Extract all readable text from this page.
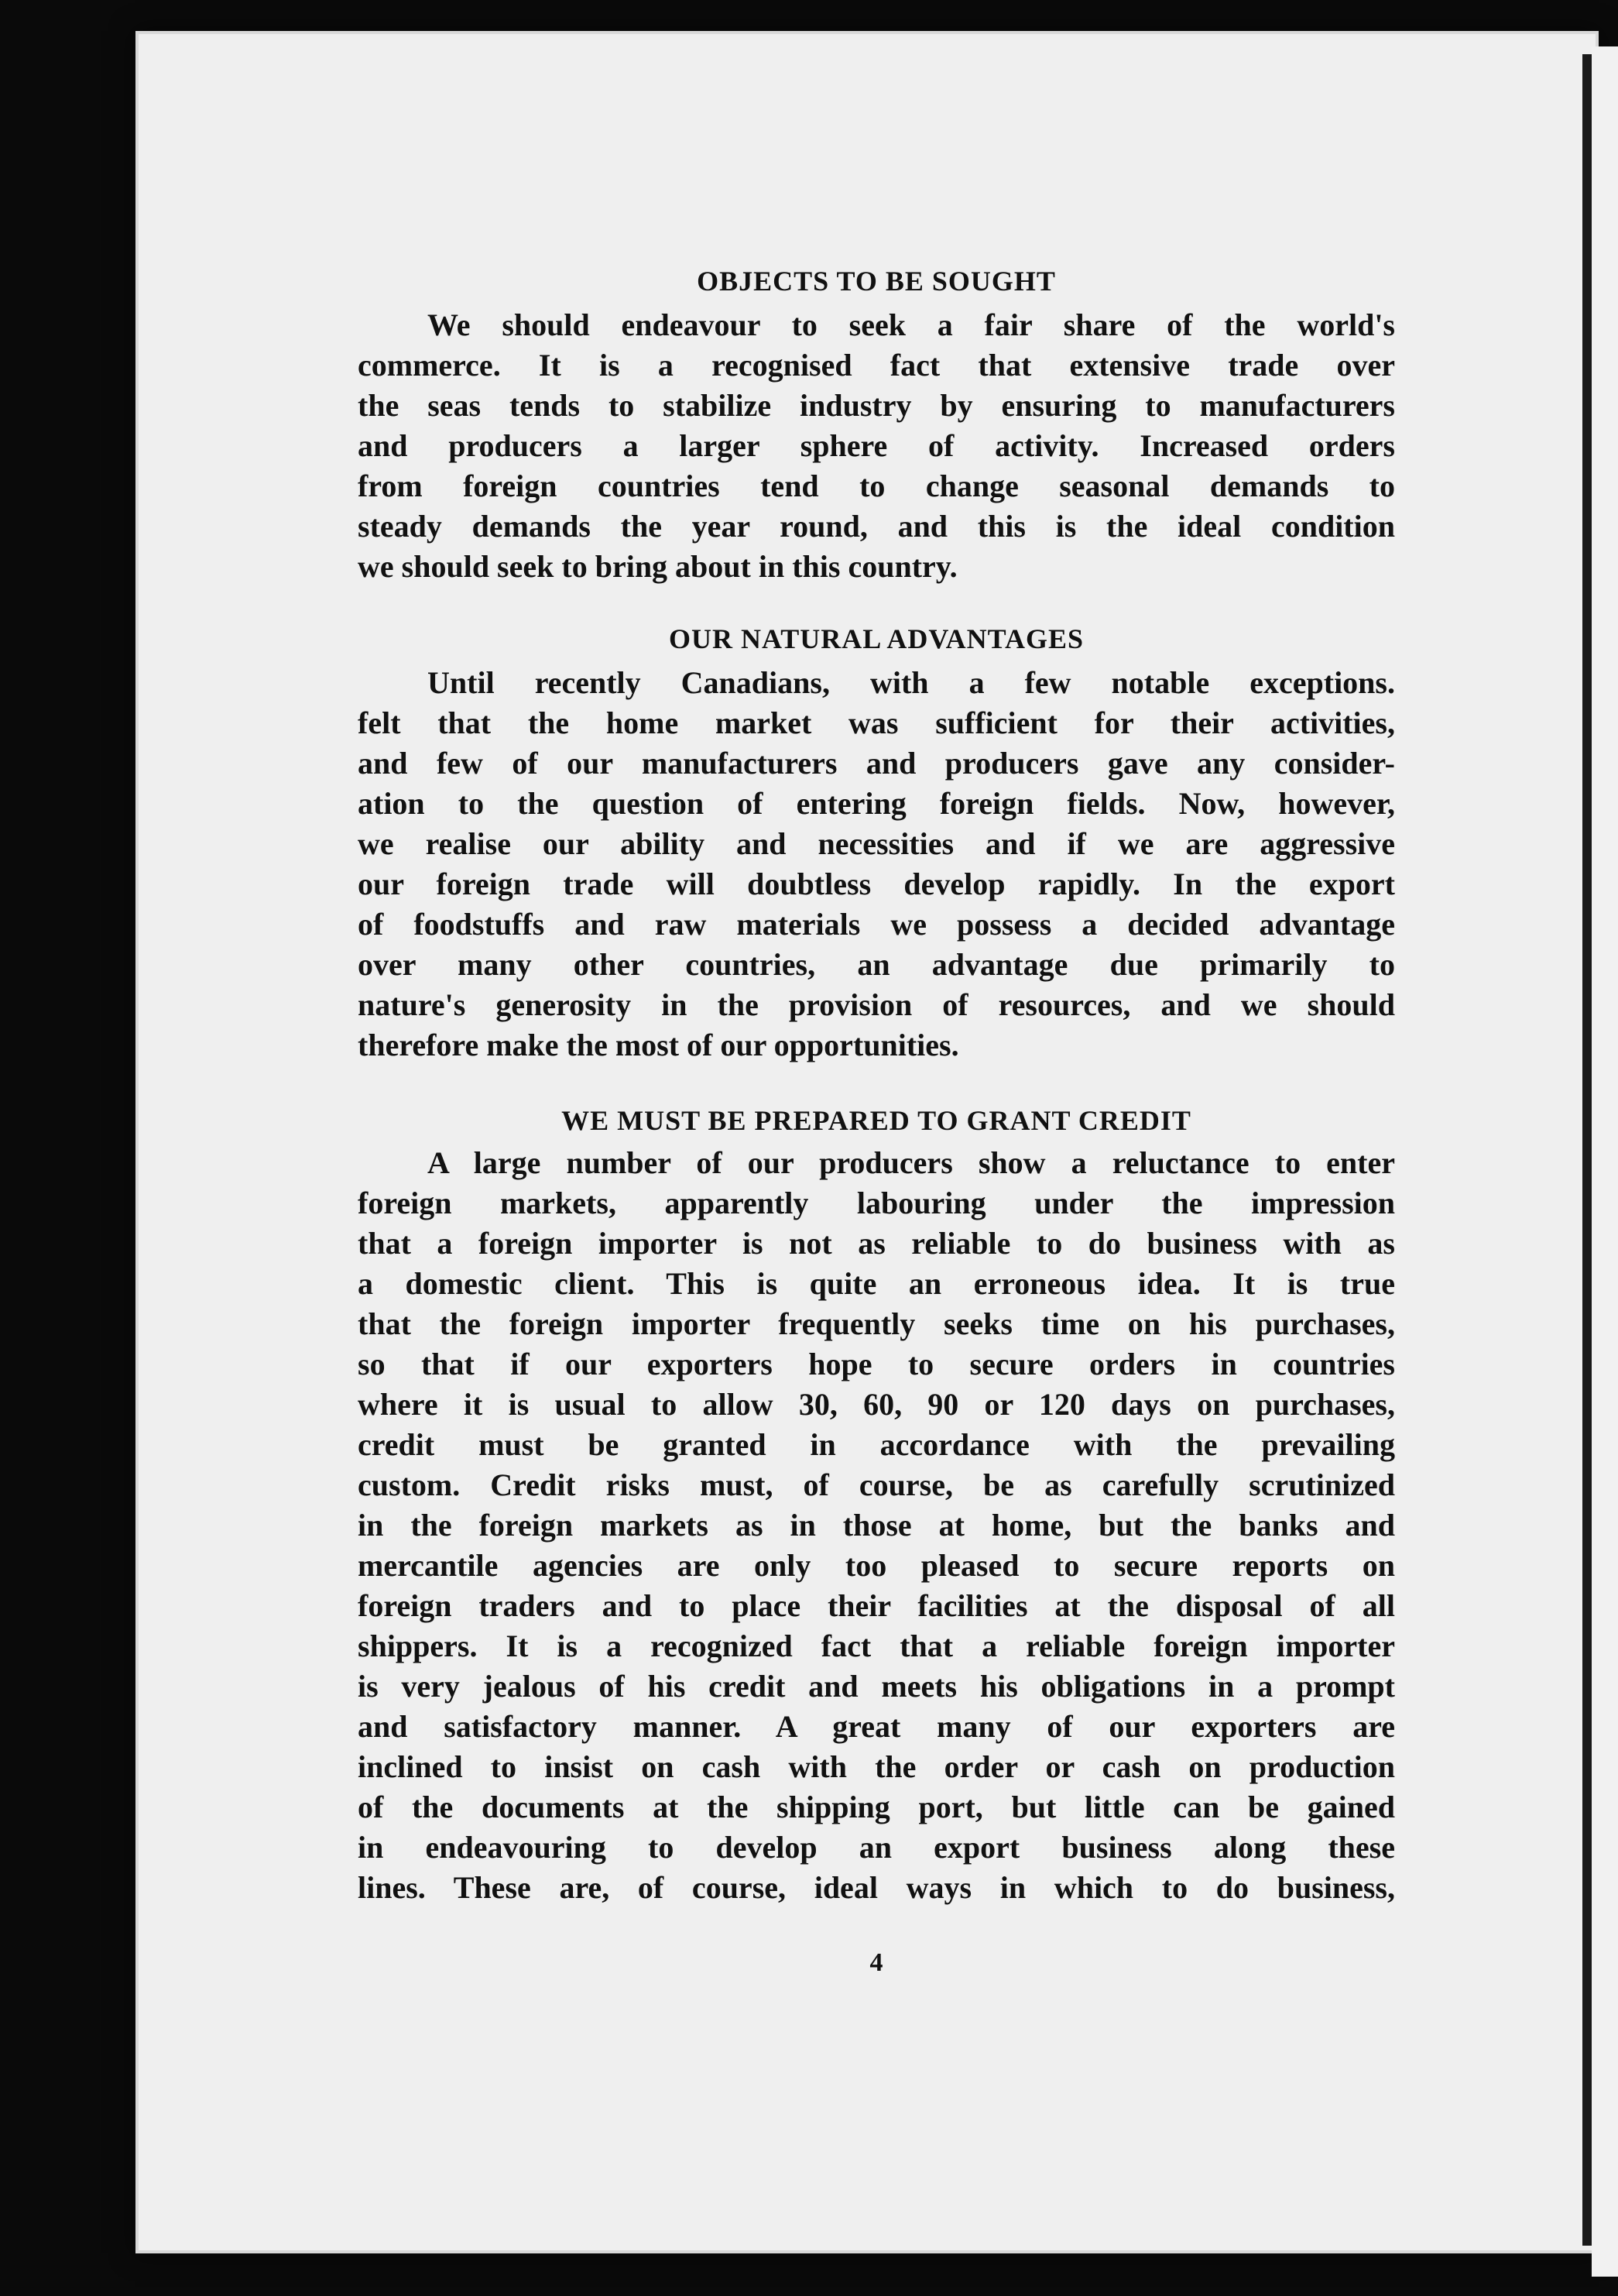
OBJECTS TO BE SOUGHT
We should endeavour to seek a fair share of the world's
commerce. It is a recognised fact that extensive trade over
the seas tends to stabilize industry by ensuring to manufacturers
and producers a larger sphere of activity. Increased orders
from foreign countries tend to change seasonal demands to
steady demands the year round, and this is the ideal condition
we should seek to bring about in this country.
OUR NATURAL ADVANTAGES
Until recently Canadians, with a few notable exceptions.
felt that the home market was sufficient for their activities,
and few of our manufacturers and producers gave any consider-
ation to the question of entering foreign fields. Now, however,
we realise our ability and necessities and if we are aggressive
our foreign trade will doubtless develop rapidly. In the export
of foodstuffs and raw materials we possess a decided advantage
over many other countries, an advantage due primarily to
nature's generosity in the provision of resources, and we should
therefore make the most of our opportunities.
WE MUST BE PREPARED TO GRANT CREDIT
A large number of our producers show a reluctance to enter
foreign markets, apparently labouring under the impression
that a foreign importer is not as reliable to do business with as
a domestic client. This is quite an erroneous idea. It is true
that the foreign importer frequently seeks time on his purchases,
so that if our exporters hope to secure orders in countries
where it is usual to allow 30, 60, 90 or 120 days on purchases,
credit must be granted in accordance with the prevailing
custom. Credit risks must, of course, be as carefully scrutinized
in the foreign markets as in those at home, but the banks and
mercantile agencies are only too pleased to secure reports on
foreign traders and to place their facilities at the disposal of all
shippers. It is a recognized fact that a reliable foreign importer
is very jealous of his credit and meets his obligations in a prompt
and satisfactory manner. A great many of our exporters are
inclined to insist on cash with the order or cash on production
of the documents at the shipping port, but little can be gained
in endeavouring to develop an export business along these
lines. These are, of course, ideal ways in which to do business,
4
